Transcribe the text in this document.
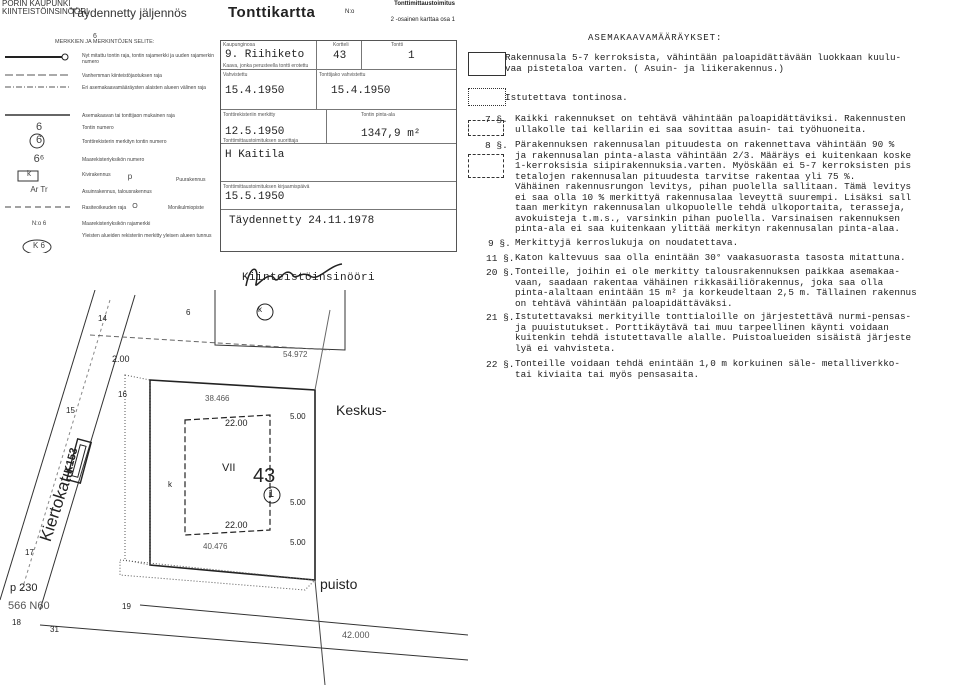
PORIN KAUPUNKI
KIINTEISTÖINSINÖÖRI
Täydennetty jäljennös	Tonttikartta	Tonttimittaustoimitus
N:o
2 -osainen karttaa osa 1
MERKKIEN JA MERKINTÖJEN SELITE:
Nyt mitattu tontin raja, tontin rajamerkki ja uuden rajamerkin numero
Vanhemman kiinteistöjaotuksen raja
Eri asemakaavamääräysten alaisten alueen välinen raja
Asemakaavan tai tonttijaon mukainen raja
Tontin numero
Tonttirekisterin merkityn tontin numero
Maarekisteriyksikön numero
Kivirakennus
Puurakennus
Asuinrakennus, talousrakennus
Rasiteoikeuden raja	Monikulmiopiste
Maarekisteriyksikön rajamerkki
Yleisten alueiden rekisteriin merkitty yleisen alueen tunnus
6
6
6
6⁶
k	p
Ar Tr
O
N:o 6
K 6
Kaupunginosa
9. Riihiketo
Kortteli
43
Tontti
1
Kaava, jonka perusteella tontti erotettu
Vahvistettu
15.4.1950
Tonttijako vahvistettu
15.4.1950
Tonttirekisteriin merkitty
12.5.1950
Tontin pinta-ala
1347,9 m²
Tonttimittaustoimituksen suorittaja
H Kaitila
Tonttimittaustoimituksen kirjaamispäivä
15.5.1950
Täydennetty 24.11.1978
Kiinteistöinsinööri
Keskus-
puisto
Kiertokatu
K153
43
1
VII
22.00
22.00
5.00
5.00
5.00
42.000
p 230
566 N60
15
17
18
14
16
19
31
38.466
40.476
54.972
2.00
k
k
6
ASEMAKAAVAMÄÄRÄYKSET:
Rakennusala 5-7 kerroksista, vähintään paloapidättävään luokkaan kuulu-
vaa pistetaloa varten. ( Asuin- ja liikerakennus.)
Istutettava tontinosa.
7 §. Kaikki rakennukset on tehtävä vähintään paloapidättäviksi. Rakennusten
ullakolle tai kellariin ei saa sovittaa asuin- tai työhuoneita.
8 §. Pärakennuksen rakennusalan pituudesta on rakennettava vähintään 90 %
ja rakennusalan pinta-alasta vähintään 2/3. Määräys ei kuitenkaan koske
1-kerroksisia siipirakennuksia.varten. Myöskään ei 5-7 kerroksisten pis
tetalojen rakennusalan pituudesta tarvitse rakentaa yli 75 %.
Vähäinen rakennusrungon levitys, pihan puolella sallitaan. Tämä levitys
ei saa olla 10 % merkittyä rakennusalaa leveyttä suurempi. Lisäksi sall
taan merkityn rakennusalan ulkopuolelle tehdä ulkoportaita, terasseja,
avokuisteja t.m.s., varsinkin pihan puolella. Varsinaisen rakennuksen
pinta-ala ei saa kuitenkaan ylittää merkityn rakennusalan pinta-alaa.
9 §. Merkittyjä kerroslukuja on noudatettava.
11 §. Katon kaltevuus saa olla enintään 30° vaakasuorasta tasosta mitattuna.
20 §. Tonteille, joihin ei ole merkitty talousrakennuksen paikkaa asemakaa-
vaan, saadaan rakentaa vähäinen rikkasäiliörakennus, joka saa olla
pinta-alaltaan enintään 15 m² ja korkeudeltaan 2,5 m. Tällainen rakennus
on tehtävä vähintään paloapidättäväksi.
21 §. Istutettavaksi merkityille tonttialoille on järjestettävä nurmi-pensas-
ja puuistutukset. Porttikäytävä tai muu tarpeellinen käynti voidaan
kuitenkin tehdä istutettavalle alalle. Puistoalueiden sisäistä järjeste
lyä ei vahvisteta.
22 §. Tonteille voidaan tehdä enintään 1,0 m korkuinen säle- metalliverkko-
tai kiviaita tai myös pensasaita.
